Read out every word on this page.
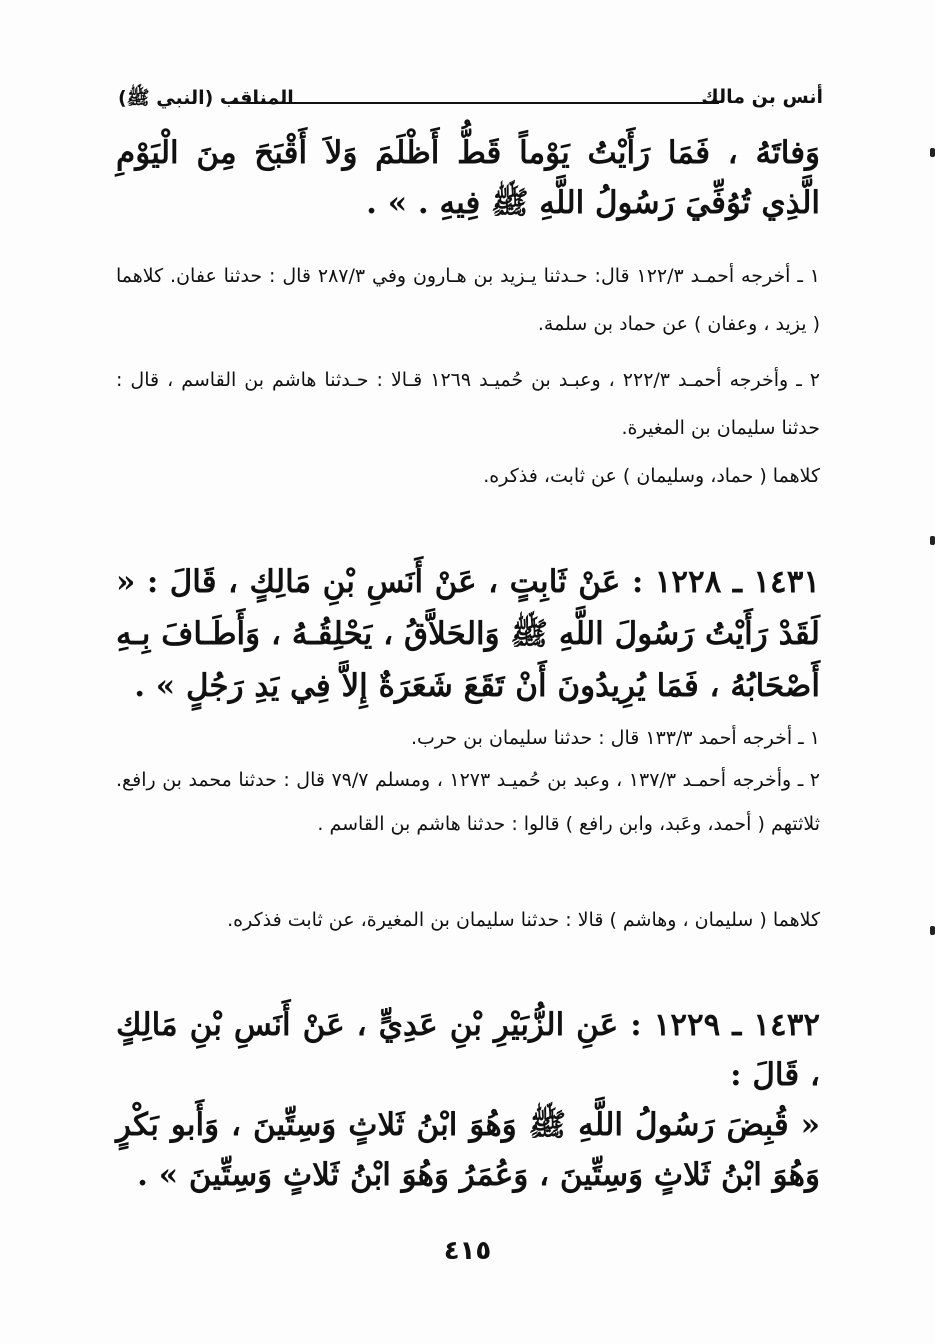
أنس بن مالك
المناقب (النبي ﷺ)
وَفاتَهُ ، فَمَا رَأَيْتُ يَوْماً قَطُّ أَظْلَمَ وَلاَ أَقْبَحَ مِنَ الْيَوْمِ الَّذِي تُوُفِّيَ رَسُولُ اللَّهِ ﷺ فِيهِ . » .
١ ـ أخرجه أحمـد ١٢٢/٣ قال: حـدثنا يـزيد بن هـارون وفي ٢٨٧/٣ قال : حدثنا عفان. كلاهما ( يزيد ، وعفان ) عن حماد بن سلمة.
٢ ـ وأخرجه أحمـد ٢٢٢/٣ ، وعبـد بن حُميـد ١٢٦٩ قـالا : حـدثنا هاشم بن القاسم ، قال : حدثنا سليمان بن المغيرة.
كلاهما ( حماد، وسليمان ) عن ثابت، فذكره.
١٤٣١ ـ ١٢٢٨ : عَنْ ثَابِتٍ ، عَنْ أَنَسِ بْنِ مَالِكٍ ، قَالَ : « لَقَدْ رَأَيْتُ رَسُولَ اللَّهِ ﷺ وَالحَلاَّقُ ، يَحْلِقُـهُ ، وَأَطَـافَ بِـهِ أَصْحَابُهُ ، فَمَا يُرِيدُونَ أَنْ تَقَعَ شَعَرَةٌ إِلاَّ فِي يَدِ رَجُلٍ » .
١ ـ أخرجه أحمد ١٣٣/٣ قال : حدثنا سليمان بن حرب.
٢ ـ وأخرجه أحمـد ١٣٧/٣ ، وعبد بن حُميـد ١٢٧٣ ، ومسلم ٧٩/٧ قال : حدثنا محمد بن رافع. ثلاثتهم ( أحمد، وعَبد، وابن رافع ) قالوا : حدثنا هاشم بن القاسم .
كلاهما ( سليمان ، وهاشم ) قالا : حدثنا سليمان بن المغيرة، عن ثابت فذكره.
١٤٣٢ ـ ١٢٢٩ : عَنِ الزُّبَيْرِ بْنِ عَدِيٍّ ، عَنْ أَنَسِ بْنِ مَالِكٍ ، قَالَ :
« قُبِضَ رَسُولُ اللَّهِ ﷺ وَهُوَ ابْنُ ثَلاثٍ وَسِتِّينَ ، وَأَبو بَكْرٍ وَهُوَ ابْنُ ثَلاثٍ وَسِتِّينَ ، وَعُمَرُ وَهُوَ ابْنُ ثَلاثٍ وَسِتِّينَ » .
٤١٥
